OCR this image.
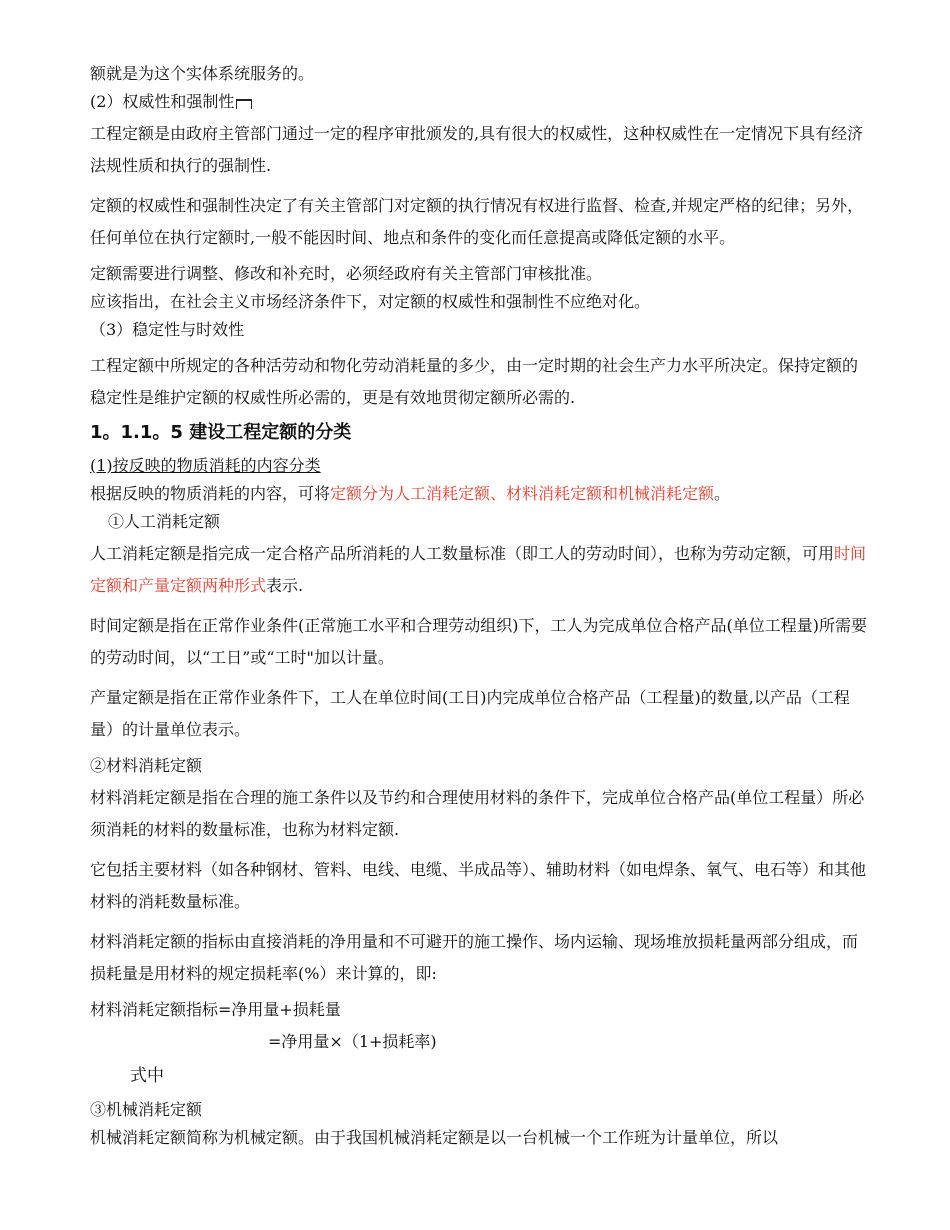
额就是为这个实体系统服务的。

(2）权威性和强制性

工程定额是由政府主管部门通过一定的程序审批颁发的,具有很大的权威性，这种权威性在一定情况下具有经济法规性质和执行的强制性.

定额的权威性和强制性决定了有关主管部门对定额的执行情况有权进行监督、检查,并规定严格的纪律；另外，任何单位在执行定额时,一般不能因时间、地点和条件的变化而任意提高或降低定额的水平。

定额需要进行调整、修改和补充时，必须经政府有关主管部门审核批准。

应该指出，在社会主义市场经济条件下，对定额的权威性和强制性不应绝对化。

（3）稳定性与时效性

工程定额中所规定的各种活劳动和物化劳动消耗量的多少，由一定时期的社会生产力水平所决定。保持定额的稳定性是维护定额的权威性所必需的，更是有效地贯彻定额所必需的.

1。1.1。5 建设工程定额的分类

(1)按反映的物质消耗的内容分类

根据反映的物质消耗的内容，可将定额分为人工消耗定额、材料消耗定额和机械消耗定额。

①人工消耗定额

人工消耗定额是指完成一定合格产品所消耗的人工数量标准（即工人的劳动时间），也称为劳动定额，可用时间定额和产量定额两种形式表示.

时间定额是指在正常作业条件(正常施工水平和合理劳动组织)下，工人为完成单位合格产品(单位工程量)所需要的劳动时间，以“工日”或“工时"加以计量。

产量定额是指在正常作业条件下，工人在单位时间(工日)内完成单位合格产品（工程量)的数量,以产品（工程量）的计量单位表示。

②材料消耗定额

材料消耗定额是指在合理的施工条件以及节约和合理使用材料的条件下，完成单位合格产品(单位工程量）所必须消耗的材料的数量标准，也称为材料定额.

它包括主要材料（如各种钢材、管料、电线、电缆、半成品等）、辅助材料（如电焊条、氧气、电石等）和其他材料的消耗数量标准。

材料消耗定额的指标由直接消耗的净用量和不可避开的施工操作、场内运输、现场堆放损耗量两部分组成，而损耗量是用材料的规定损耗率(%）来计算的，即:

材料消耗定额指标=净用量+损耗量

=净用量×（1+损耗率)

式中

③机械消耗定额

机械消耗定额简称为机械定额。由于我国机械消耗定额是以一台机械一个工作班为计量单位，所以
